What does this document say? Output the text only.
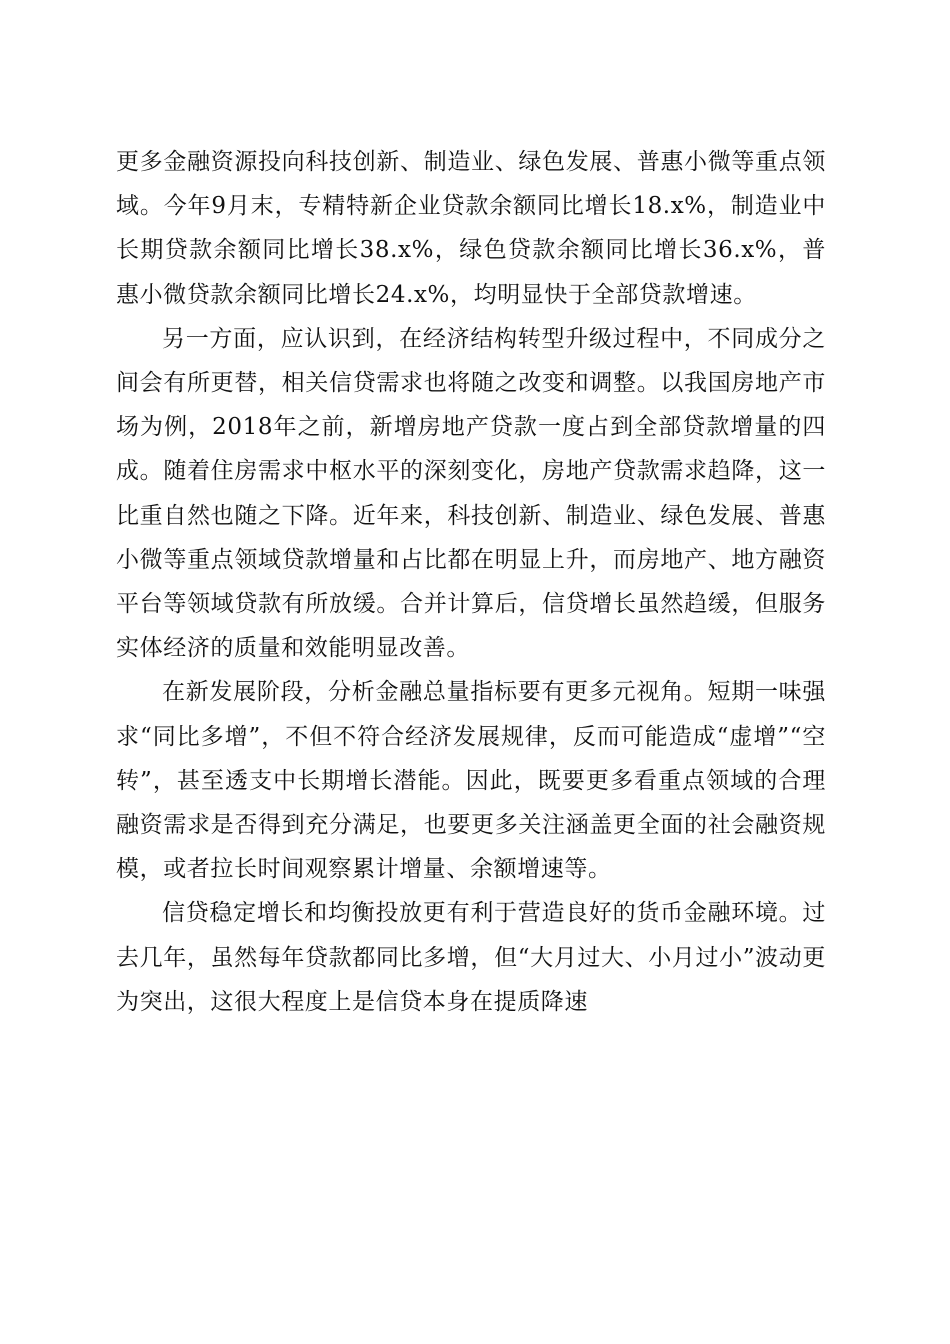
更多金融资源投向科技创新、制造业、绿色发展、普惠小微等重点领域。今年9月末，专精特新企业贷款余额同比增长18.x%，制造业中长期贷款余额同比增长38.x%，绿色贷款余额同比增长36.x%，普惠小微贷款余额同比增长24.x%，均明显快于全部贷款增速。

另一方面，应认识到，在经济结构转型升级过程中，不同成分之间会有所更替，相关信贷需求也将随之改变和调整。以我国房地产市场为例，2018年之前，新增房地产贷款一度占到全部贷款增量的四成。随着住房需求中枢水平的深刻变化，房地产贷款需求趋降，这一比重自然也随之下降。近年来，科技创新、制造业、绿色发展、普惠小微等重点领域贷款增量和占比都在明显上升，而房地产、地方融资平台等领域贷款有所放缓。合并计算后，信贷增长虽然趋缓，但服务实体经济的质量和效能明显改善。

在新发展阶段，分析金融总量指标要有更多元视角。短期一味强求“同比多增”，不但不符合经济发展规律，反而可能造成“虚增”“空转”，甚至透支中长期增长潜能。因此，既要更多看重点领域的合理融资需求是否得到充分满足，也要更多关注涵盖更全面的社会融资规模，或者拉长时间观察累计增量、余额增速等。

信贷稳定增长和均衡投放更有利于营造良好的货币金融环境。过去几年，虽然每年贷款都同比多增，但“大月过大、小月过小”波动更为突出，这很大程度上是信贷本身在提质降速
